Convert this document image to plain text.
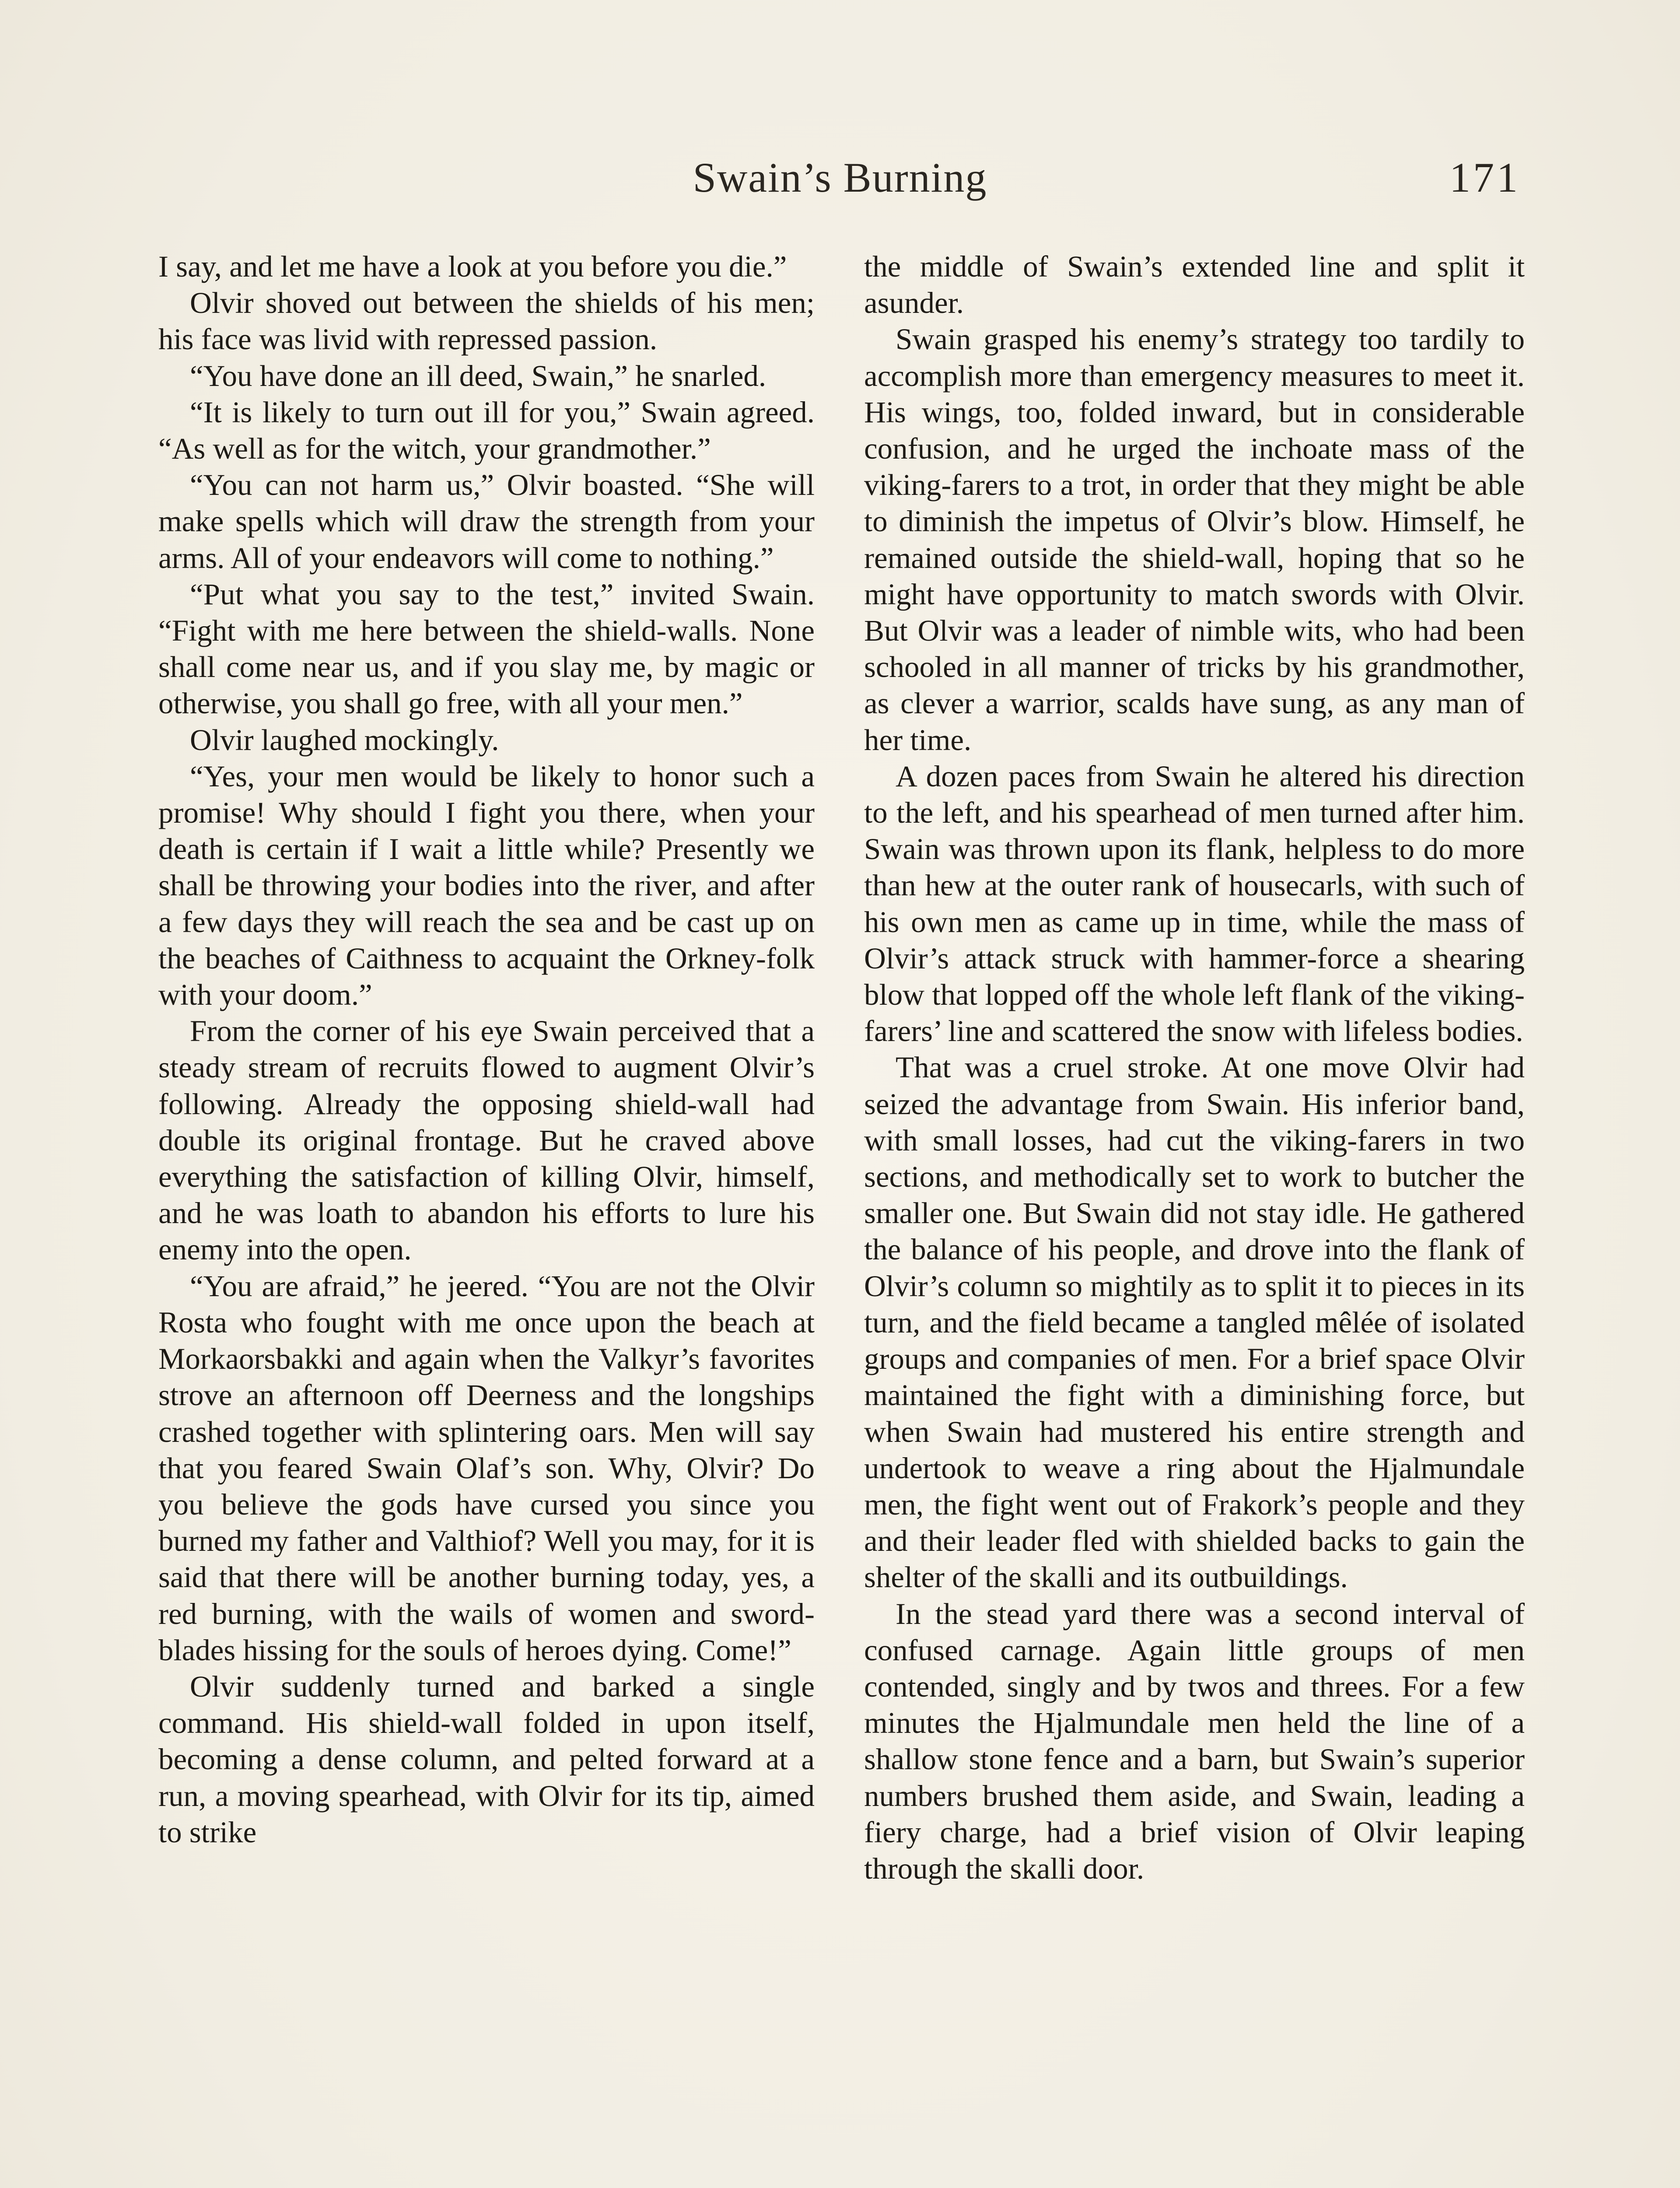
Swain’s Burning	171

I say, and let me have a look at you before you die.”

Olvir shoved out between the shields of his men; his face was livid with repressed passion.

“You have done an ill deed, Swain,” he snarled.

“It is likely to turn out ill for you,” Swain agreed. “As well as for the witch, your grandmother.”

“You can not harm us,” Olvir boasted. “She will make spells which will draw the strength from your arms. All of your endeavors will come to nothing.”

“Put what you say to the test,” invited Swain. “Fight with me here between the shield-walls. None shall come near us, and if you slay me, by magic or otherwise, you shall go free, with all your men.”

Olvir laughed mockingly.

“Yes, your men would be likely to honor such a promise! Why should I fight you there, when your death is certain if I wait a little while? Presently we shall be throwing your bodies into the river, and after a few days they will reach the sea and be cast up on the beaches of Caithness to acquaint the Orkney-folk with your doom.”

From the corner of his eye Swain perceived that a steady stream of recruits flowed to augment Olvir’s following. Already the opposing shield-wall had double its original frontage. But he craved above everything the satisfaction of killing Olvir, himself, and he was loath to abandon his efforts to lure his enemy into the open.

“You are afraid,” he jeered. “You are not the Olvir Rosta who fought with me once upon the beach at Morkaorsbakki and again when the Valkyr’s favorites strove an afternoon off Deerness and the longships crashed together with splintering oars. Men will say that you feared Swain Olaf’s son. Why, Olvir? Do you believe the gods have cursed you since you burned my father and Valthiof? Well you may, for it is said that there will be another burning today, yes, a red burning, with the wails of women and sword-blades hissing for the souls of heroes dying. Come!”

Olvir suddenly turned and barked a single command. His shield-wall folded in upon itself, becoming a dense column, and pelted forward at a run, a moving spearhead, with Olvir for its tip, aimed to strike

the middle of Swain’s extended line and split it asunder.

Swain grasped his enemy’s strategy too tardily to accomplish more than emergency measures to meet it. His wings, too, folded inward, but in considerable confusion, and he urged the inchoate mass of the viking-farers to a trot, in order that they might be able to diminish the impetus of Olvir’s blow. Himself, he remained outside the shield-wall, hoping that so he might have opportunity to match swords with Olvir. But Olvir was a leader of nimble wits, who had been schooled in all manner of tricks by his grandmother, as clever a warrior, scalds have sung, as any man of her time.

A dozen paces from Swain he altered his direction to the left, and his spearhead of men turned after him. Swain was thrown upon its flank, helpless to do more than hew at the outer rank of housecarls, with such of his own men as came up in time, while the mass of Olvir’s attack struck with hammer-force a shearing blow that lopped off the whole left flank of the viking-farers’ line and scattered the snow with lifeless bodies.

That was a cruel stroke. At one move Olvir had seized the advantage from Swain. His inferior band, with small losses, had cut the viking-farers in two sections, and methodically set to work to butcher the smaller one. But Swain did not stay idle. He gathered the balance of his people, and drove into the flank of Olvir’s column so mightily as to split it to pieces in its turn, and the field became a tangled mêlée of isolated groups and companies of men. For a brief space Olvir maintained the fight with a diminishing force, but when Swain had mustered his entire strength and undertook to weave a ring about the Hjalmundale men, the fight went out of Frakork’s people and they and their leader fled with shielded backs to gain the shelter of the skalli and its outbuildings.

In the stead yard there was a second interval of confused carnage. Again little groups of men contended, singly and by twos and threes. For a few minutes the Hjalmundale men held the line of a shallow stone fence and a barn, but Swain’s superior numbers brushed them aside, and Swain, leading a fiery charge, had a brief vision of Olvir leaping through the skalli door.
